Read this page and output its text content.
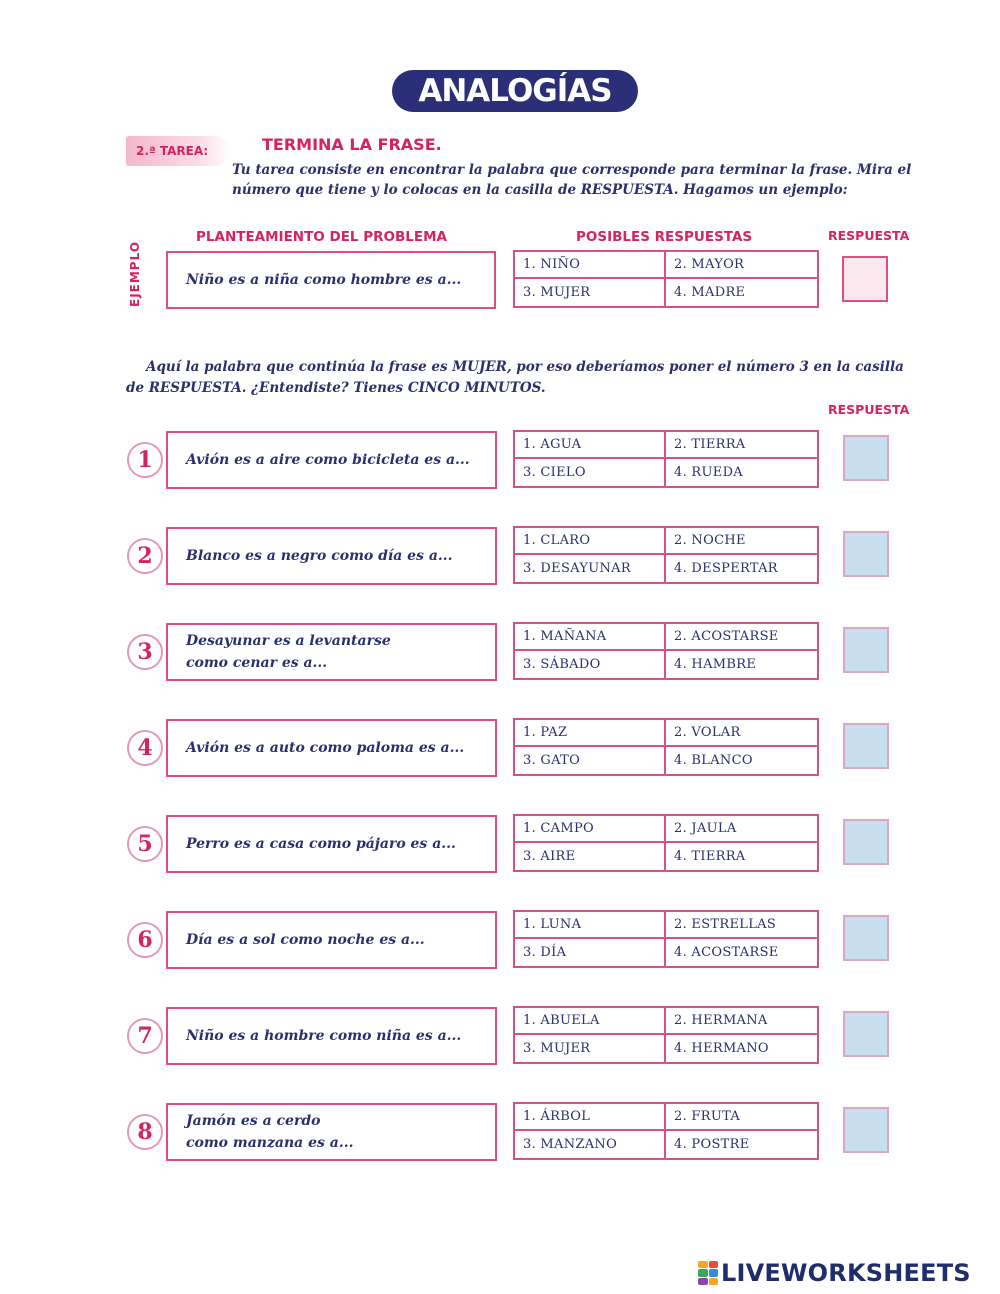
ANALOGÍAS
2.ª TAREA:	TERMINA LA FRASE.
Tu tarea consiste en encontrar la palabra que corresponde para terminar la frase. Mira el número que tiene y lo colocas en la casilla de RESPUESTA. Hagamos un ejemplo:
PLANTEAMIENTO DEL PROBLEMA	POSIBLES RESPUESTAS	RESPUESTA
EJEMPLO	Niño es a niña como hombre es a...
1. NIÑO	2. MAYOR
3. MUJER	4. MADRE
Aquí la palabra que continúa la frase es MUJER, por eso deberíamos poner el número 3 en la casilla de RESPUESTA. ¿Entendiste? Tienes CINCO MINUTOS.
RESPUESTA
1	Avión es a aire como bicicleta es a...
1. AGUA	2. TIERRA
3. CIELO	4. RUEDA
2	Blanco es a negro como día es a...
1. CLARO	2. NOCHE
3. DESAYUNAR	4. DESPERTAR
3	Desayunar es a levantarse
como cenar es a...
1. MAÑANA	2. ACOSTARSE
3. SÁBADO	4. HAMBRE
4	Avión es a auto como paloma es a...
1. PAZ	2. VOLAR
3. GATO	4. BLANCO
5	Perro es a casa como pájaro es a...
1. CAMPO	2. JAULA
3. AIRE	4. TIERRA
6	Día es a sol como noche es a...
1. LUNA	2. ESTRELLAS
3. DÍA	4. ACOSTARSE
7	Niño es a hombre como niña es a...
1. ABUELA	2. HERMANA
3. MUJER	4. HERMANO
8	Jamón es a cerdo
como manzana es a...
1. ÁRBOL	2. FRUTA
3. MANZANO	4. POSTRE
LIVEWORKSHEETS
